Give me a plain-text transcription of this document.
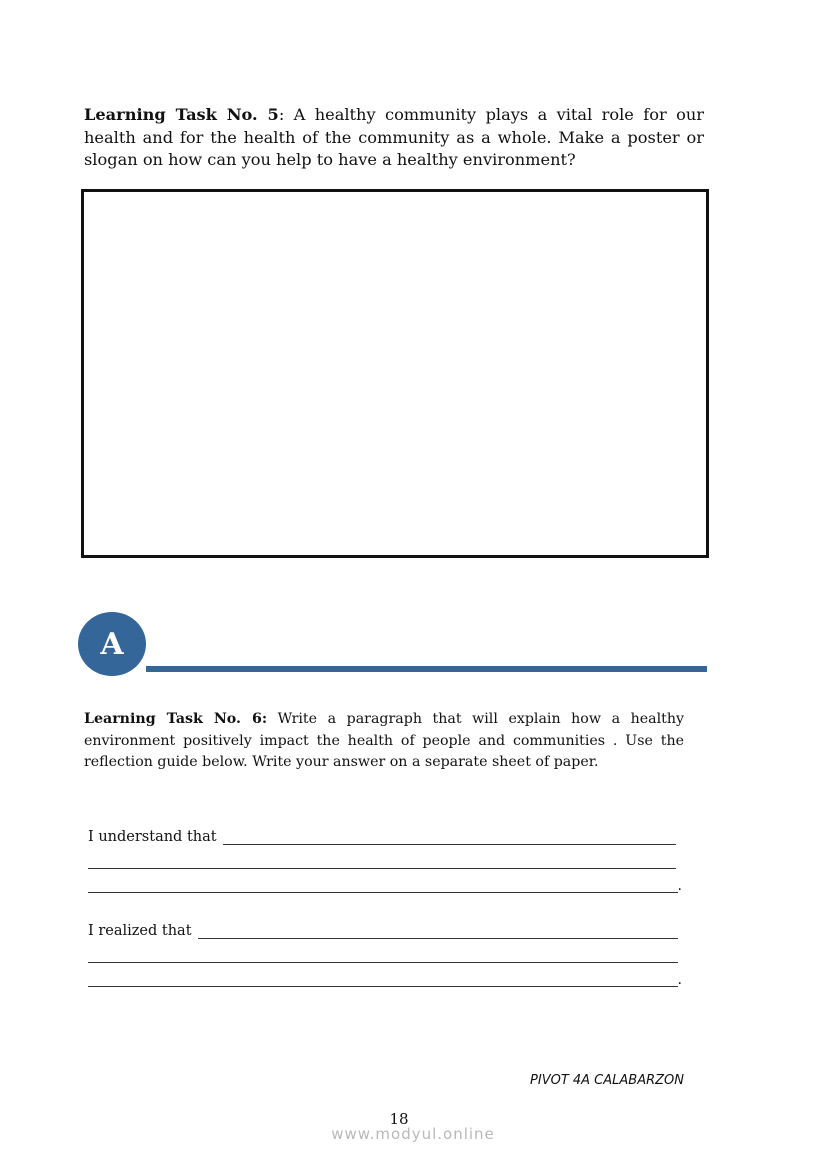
Learning Task No. 5: A healthy community plays a vital role for our health and for the health of the community as a whole. Make a poster or slogan on how can you help to have a healthy environment?

A

Learning Task No. 6: Write a paragraph that will explain how a healthy environment positively impact the health of people and communities . Use the reflection guide below. Write your answer on a separate sheet of paper.

I understand that
.
I realized that
.
PIVOT 4A CALABARZON
18
www.modyul.online
